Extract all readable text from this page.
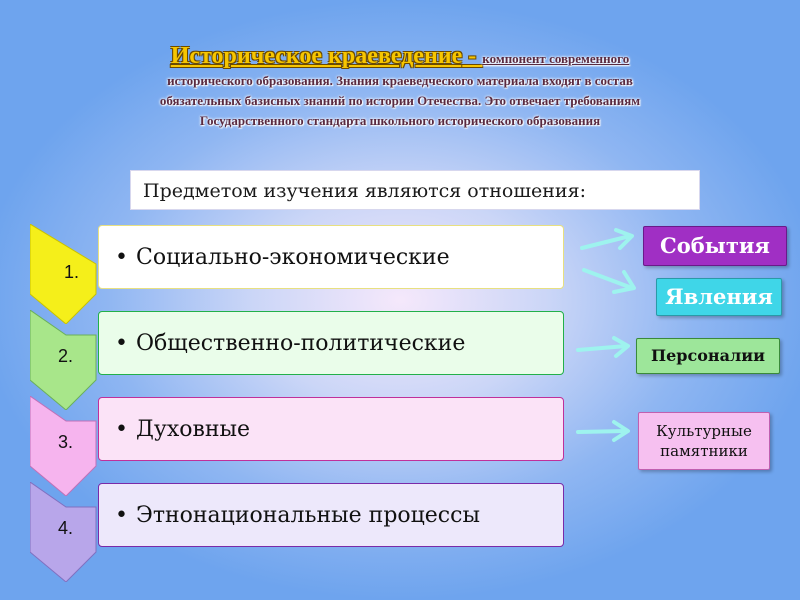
Историческое краеведение - компонент современного
исторического образования. Знания краеведческого материала входят в состав
обязательных базисных знаний по истории Отечества. Это отвечает требованиям
Государственного стандарта школьного исторического образования
Предметом изучения являются отношения:
1.
2.
3.
4.
• Социально-экономические
• Общественно-политические
• Духовные
• Этнонациональные процессы
События
Явления
Персоналии
Культурные
памятники
